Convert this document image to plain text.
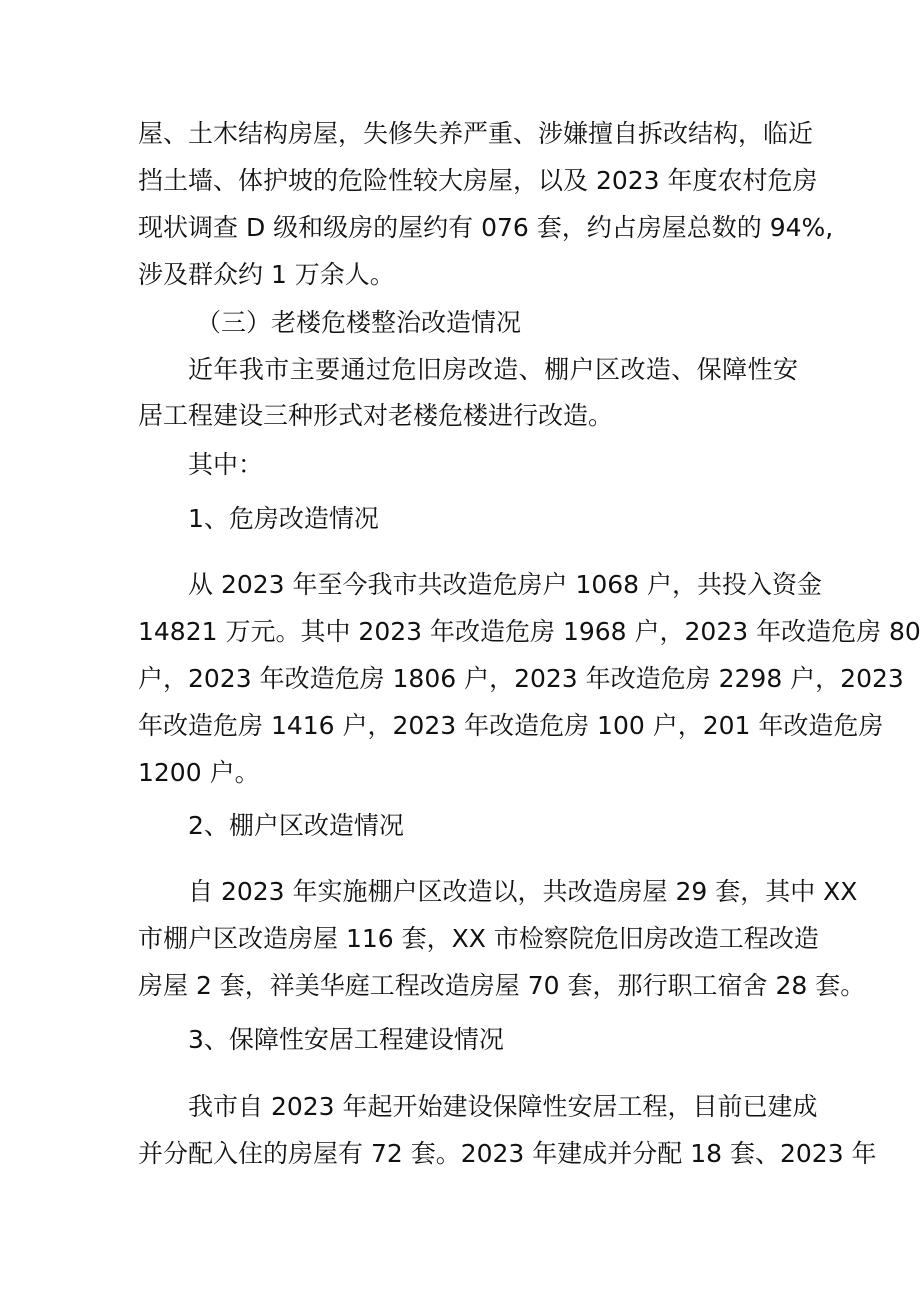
屋、土木结构房屋，失修失养严重、涉嫌擅自拆改结构，临近
挡土墙、体护坡的危险性较大房屋，以及 2023 年度农村危房
现状调查 D 级和级房的屋约有 076 套，约占房屋总数的 94%,
涉及群众约 1 万余人。
（三）老楼危楼整治改造情况
近年我市主要通过危旧房改造、棚户区改造、保障性安
居工程建设三种形式对老楼危楼进行改造。
其中：
1、危房改造情况
从 2023 年至今我市共改造危房户 1068 户，共投入资金
14821 万元。其中 2023 年改造危房 1968 户，2023 年改造危房 80
户，2023 年改造危房 1806 户，2023 年改造危房 2298 户，2023
年改造危房 1416 户，2023 年改造危房 100 户，201 年改造危房
1200 户。
2、棚户区改造情况
自 2023 年实施棚户区改造以，共改造房屋 29 套，其中 XX
市棚户区改造房屋 116 套，XX 市检察院危旧房改造工程改造
房屋 2 套，祥美华庭工程改造房屋 70 套，那行职工宿舍 28 套。
3、保障性安居工程建设情况
我市自 2023 年起开始建设保障性安居工程，目前已建成
并分配入住的房屋有 72 套。2023 年建成并分配 18 套、2023 年
